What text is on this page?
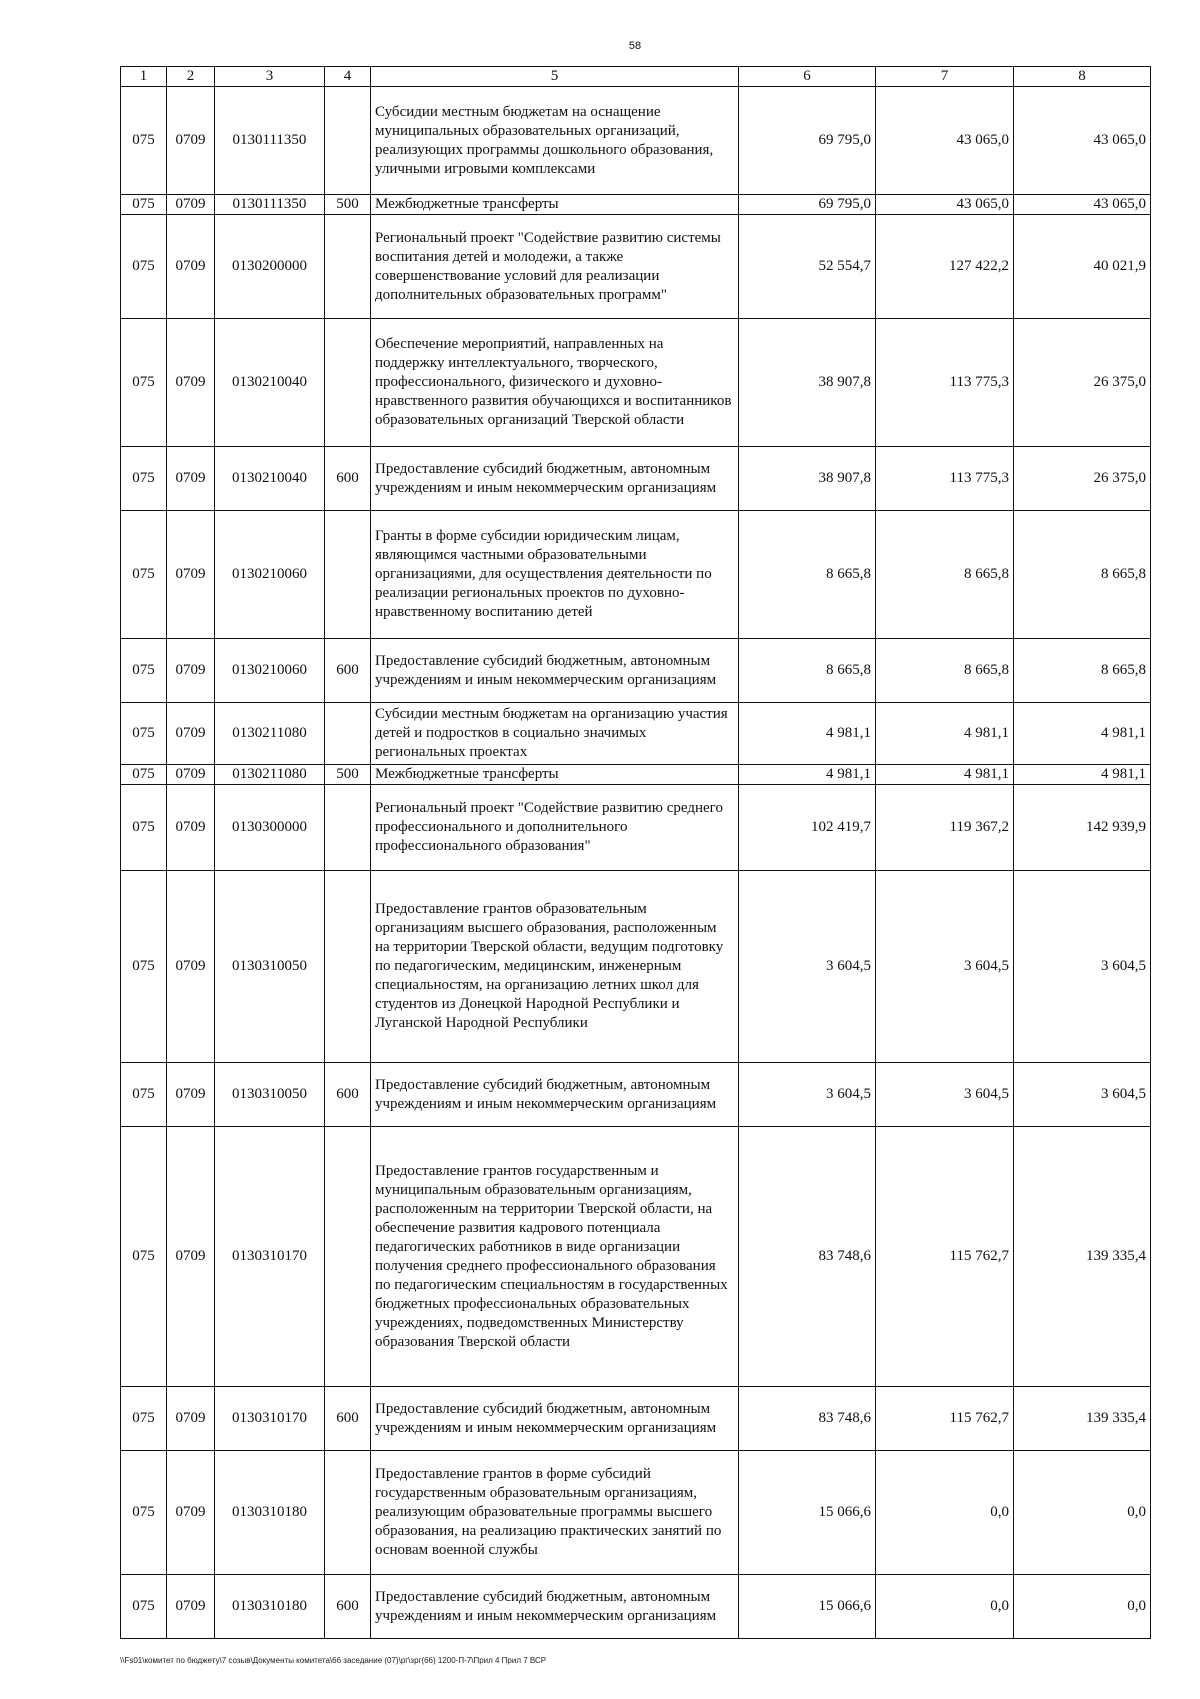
58
1	2	3	4	5	6	7	8
075	0709	0130111350		Субсидии местным бюджетам на оснащение муниципальных образовательных организаций, реализующих программы дошкольного образования, уличными игровыми комплексами	69 795,0	43 065,0	43 065,0
075	0709	0130111350	500	Межбюджетные трансферты	69 795,0	43 065,0	43 065,0
075	0709	0130200000		Региональный проект "Содействие развитию системы воспитания детей и молодежи, а также совершенствование условий для реализации дополнительных образовательных программ"	52 554,7	127 422,2	40 021,9
075	0709	0130210040		Обеспечение мероприятий, направленных на поддержку интеллектуального, творческого, профессионального, физического и духовно-нравственного развития обучающихся и воспитанников образовательных организаций Тверской области	38 907,8	113 775,3	26 375,0
075	0709	0130210040	600	Предоставление субсидий бюджетным, автономным учреждениям и иным некоммерческим организациям	38 907,8	113 775,3	26 375,0
075	0709	0130210060		Гранты в форме субсидии юридическим лицам, являющимся частными образовательными организациями, для осуществления деятельности по реализации региональных проектов по духовно-нравственному воспитанию детей	8 665,8	8 665,8	8 665,8
075	0709	0130210060	600	Предоставление субсидий бюджетным, автономным учреждениям и иным некоммерческим организациям	8 665,8	8 665,8	8 665,8
075	0709	0130211080		Субсидии местным бюджетам на организацию участия детей и подростков в социально значимых региональных проектах	4 981,1	4 981,1	4 981,1
075	0709	0130211080	500	Межбюджетные трансферты	4 981,1	4 981,1	4 981,1
075	0709	0130300000		Региональный проект "Содействие развитию среднего профессионального и дополнительного профессионального образования"	102 419,7	119 367,2	142 939,9
075	0709	0130310050		Предоставление грантов образовательным организациям высшего образования, расположенным на территории Тверской области, ведущим подготовку по педагогическим, медицинским, инженерным специальностям, на организацию летних школ для студентов из Донецкой Народной Республики и Луганской Народной Республики	3 604,5	3 604,5	3 604,5
075	0709	0130310050	600	Предоставление субсидий бюджетным, автономным учреждениям и иным некоммерческим организациям	3 604,5	3 604,5	3 604,5
075	0709	0130310170		Предоставление грантов государственным и муниципальным образовательным организациям, расположенным на территории Тверской области, на обеспечение развития кадрового потенциала педагогических работников в виде организации получения среднего профессионального образования по педагогическим специальностям в государственных бюджетных профессиональных образовательных учреждениях, подведомственных Министерству образования Тверской области	83 748,6	115 762,7	139 335,4
075	0709	0130310170	600	Предоставление субсидий бюджетным, автономным учреждениям и иным некоммерческим организациям	83 748,6	115 762,7	139 335,4
075	0709	0130310180		Предоставление грантов в форме субсидий государственным образовательным организациям, реализующим образовательные программы высшего образования, на реализацию практических занятий по основам военной службы	15 066,6	0,0	0,0
075	0709	0130310180	600	Предоставление субсидий бюджетным, автономным учреждениям и иным некоммерческим организациям	15 066,6	0,0	0,0
\\Fs01\комитет по бюджету\7 созыв\Документы комитета\66 заседание (07)\рг\зрг(66) 1200-П-7\Прил 4 Прил 7 ВСР
